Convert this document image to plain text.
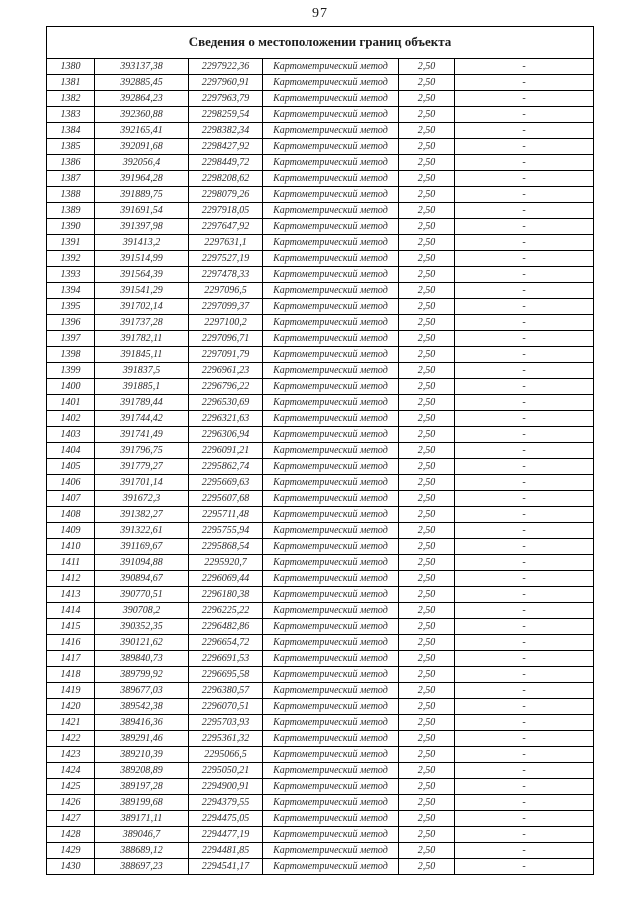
97
Сведения о местоположении границ объекта					
1380	393137,38	2297922,36	Картометрический метод	2,50	-
1381	392885,45	2297960,91	Картометрический метод	2,50	-
1382	392864,23	2297963,79	Картометрический метод	2,50	-
1383	392360,88	2298259,54	Картометрический метод	2,50	-
1384	392165,41	2298382,34	Картометрический метод	2,50	-
1385	392091,68	2298427,92	Картометрический метод	2,50	-
1386	392056,4	2298449,72	Картометрический метод	2,50	-
1387	391964,28	2298208,62	Картометрический метод	2,50	-
1388	391889,75	2298079,26	Картометрический метод	2,50	-
1389	391691,54	2297918,05	Картометрический метод	2,50	-
1390	391397,98	2297647,92	Картометрический метод	2,50	-
1391	391413,2	2297631,1	Картометрический метод	2,50	-
1392	391514,99	2297527,19	Картометрический метод	2,50	-
1393	391564,39	2297478,33	Картометрический метод	2,50	-
1394	391541,29	2297096,5	Картометрический метод	2,50	-
1395	391702,14	2297099,37	Картометрический метод	2,50	-
1396	391737,28	2297100,2	Картометрический метод	2,50	-
1397	391782,11	2297096,71	Картометрический метод	2,50	-
1398	391845,11	2297091,79	Картометрический метод	2,50	-
1399	391837,5	2296961,23	Картометрический метод	2,50	-
1400	391885,1	2296796,22	Картометрический метод	2,50	-
1401	391789,44	2296530,69	Картометрический метод	2,50	-
1402	391744,42	2296321,63	Картометрический метод	2,50	-
1403	391741,49	2296306,94	Картометрический метод	2,50	-
1404	391796,75	2296091,21	Картометрический метод	2,50	-
1405	391779,27	2295862,74	Картометрический метод	2,50	-
1406	391701,14	2295669,63	Картометрический метод	2,50	-
1407	391672,3	2295607,68	Картометрический метод	2,50	-
1408	391382,27	2295711,48	Картометрический метод	2,50	-
1409	391322,61	2295755,94	Картометрический метод	2,50	-
1410	391169,67	2295868,54	Картометрический метод	2,50	-
1411	391094,88	2295920,7	Картометрический метод	2,50	-
1412	390894,67	2296069,44	Картометрический метод	2,50	-
1413	390770,51	2296180,38	Картометрический метод	2,50	-
1414	390708,2	2296225,22	Картометрический метод	2,50	-
1415	390352,35	2296482,86	Картометрический метод	2,50	-
1416	390121,62	2296654,72	Картометрический метод	2,50	-
1417	389840,73	2296691,53	Картометрический метод	2,50	-
1418	389799,92	2296695,58	Картометрический метод	2,50	-
1419	389677,03	2296380,57	Картометрический метод	2,50	-
1420	389542,38	2296070,51	Картометрический метод	2,50	-
1421	389416,36	2295703,93	Картометрический метод	2,50	-
1422	389291,46	2295361,32	Картометрический метод	2,50	-
1423	389210,39	2295066,5	Картометрический метод	2,50	-
1424	389208,89	2295050,21	Картометрический метод	2,50	-
1425	389197,28	2294900,91	Картометрический метод	2,50	-
1426	389199,68	2294379,55	Картометрический метод	2,50	-
1427	389171,11	2294475,05	Картометрический метод	2,50	-
1428	389046,7	2294477,19	Картометрический метод	2,50	-
1429	388689,12	2294481,85	Картометрический метод	2,50	-
1430	388697,23	2294541,17	Картометрический метод	2,50	-
